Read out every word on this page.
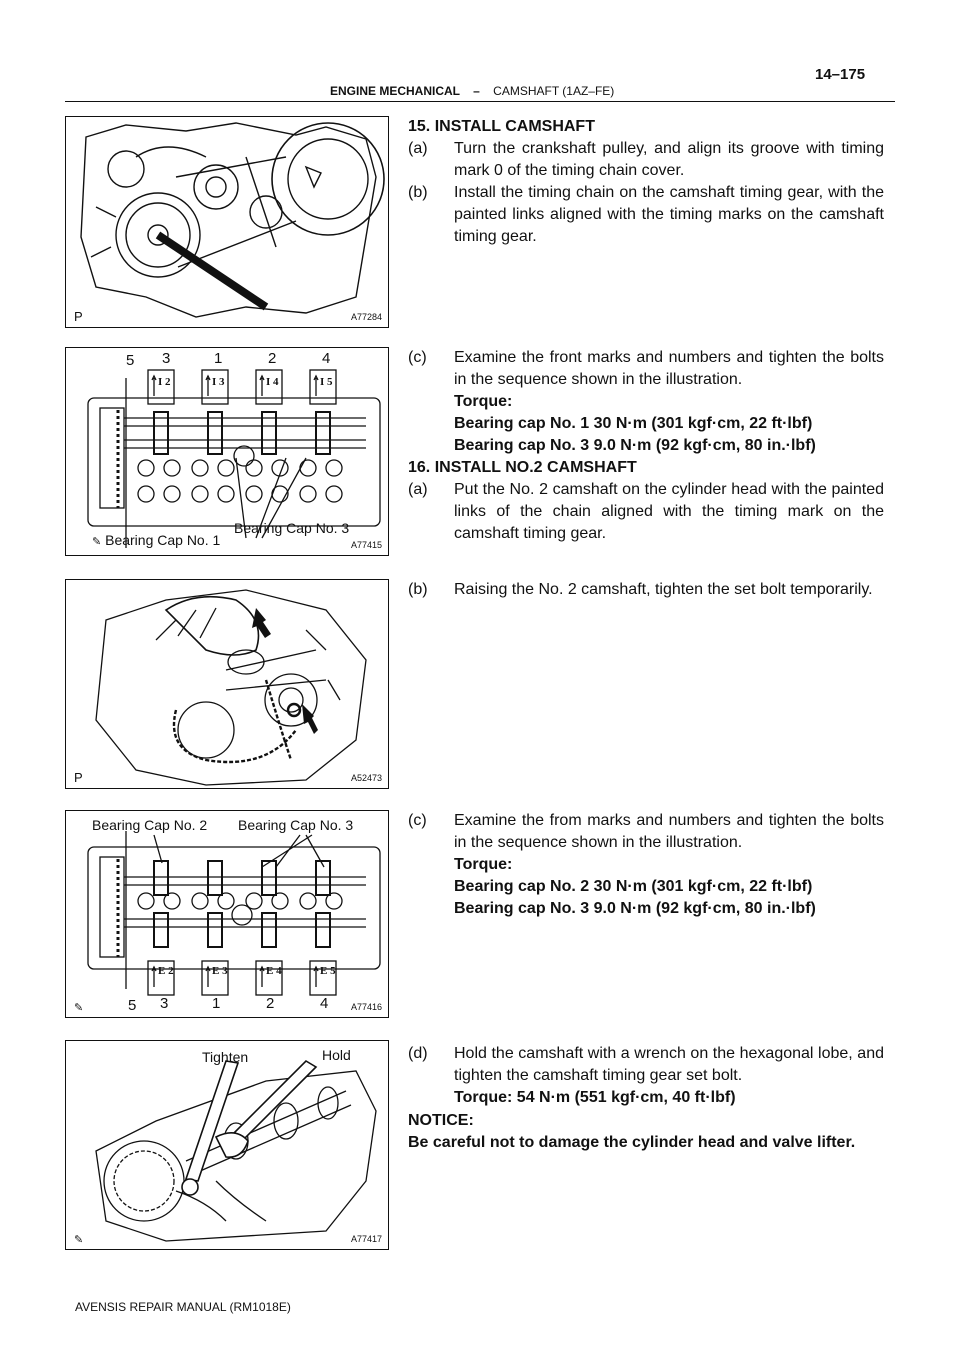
ENGINE MECHANICAL – CAMSHAFT (1AZ–FE)
14–175
P	A77284
5 3	1	2	4
I 2	I 3	I 4	I 5
✎ Bearing Cap No. 1
Bearing Cap No. 3
A77415
P	A52473
Bearing Cap No. 2 Bearing Cap No. 3
E 2	E 3	E 4	E 5
5 3	1	2	4
✎	A77416
Tighten	Hold
✎	A77417
15. INSTALL CAMSHAFT
(a) Turn the crankshaft pulley, and align its groove with timing mark 0 of the timing chain cover.
(b) Install the timing chain on the camshaft timing gear, with the painted links aligned with the timing marks on the camshaft timing gear.
(c) Examine the front marks and numbers and tighten the bolts in the sequence shown in the illustration.
Torque:
Bearing cap No. 1 30 N·m (301 kgf·cm, 22 ft·lbf)
Bearing cap No. 3 9.0 N·m (92 kgf·cm, 80 in.·lbf)
16. INSTALL NO.2 CAMSHAFT
(a) Put the No. 2 camshaft on the cylinder head with the painted links of the chain aligned with the timing mark on the camshaft timing gear.
(b) Raising the No. 2 camshaft, tighten the set bolt temporarily.
(c) Examine the from marks and numbers and tighten the bolts in the sequence shown in the illustration.
Torque:
Bearing cap No. 2 30 N·m (301 kgf·cm, 22 ft·lbf)
Bearing cap No. 3 9.0 N·m (92 kgf·cm, 80 in.·lbf)
(d) Hold the camshaft with a wrench on the hexagonal lobe, and tighten the camshaft timing gear set bolt.
Torque: 54 N·m (551 kgf·cm, 40 ft·lbf)
NOTICE:
Be careful not to damage the cylinder head and valve lifter.
AVENSIS REPAIR MANUAL (RM1018E)
